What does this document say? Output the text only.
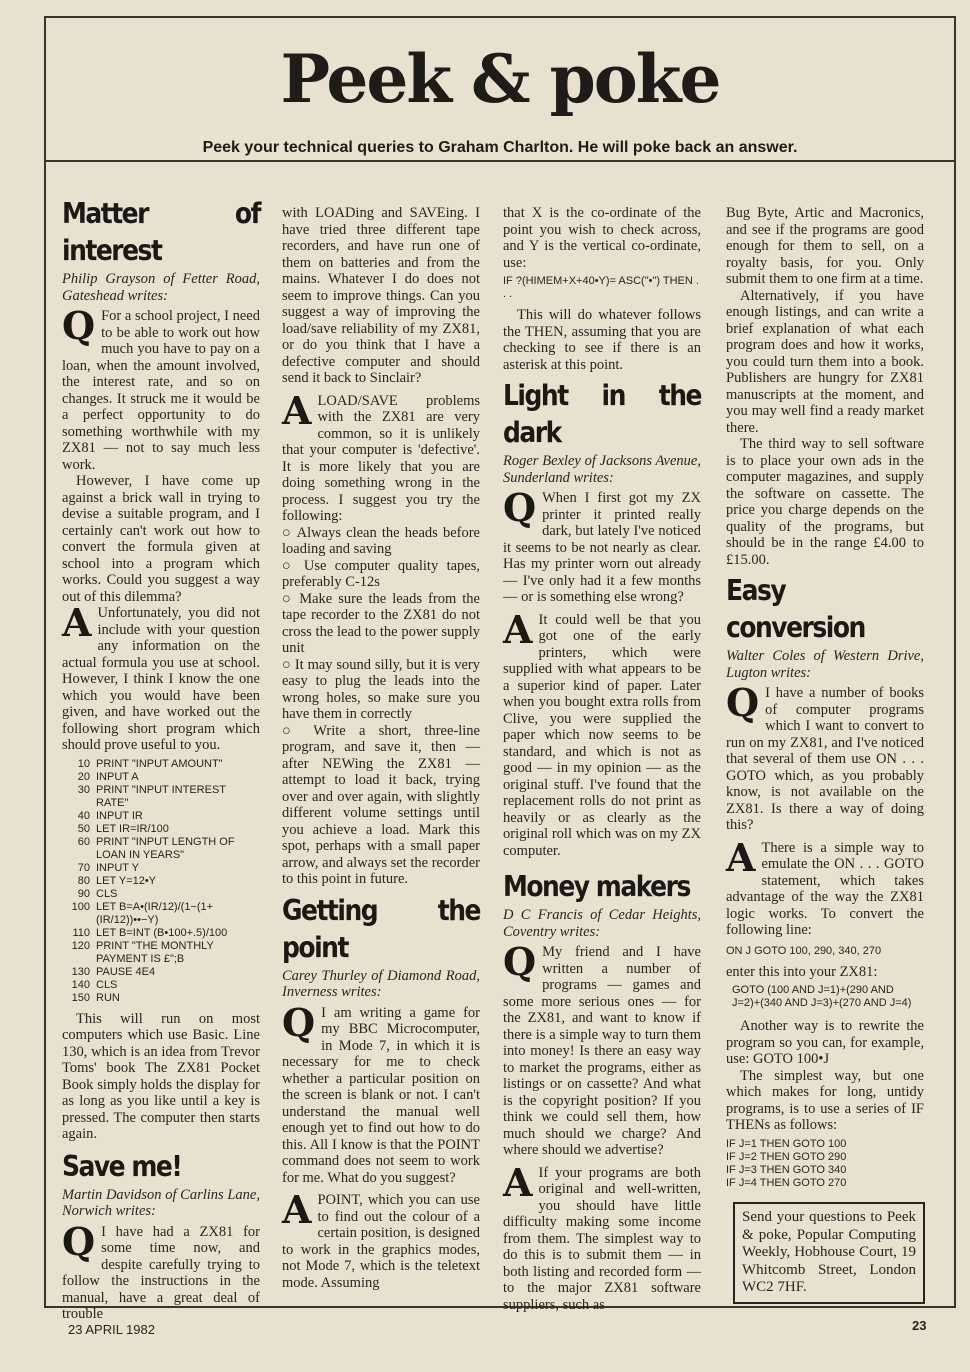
Peek & poke
Peek your technical queries to Graham Charlton. He will poke back an answer.
Matter of interest

Philip Grayson of Fetter Road, Gateshead writes:

Q For a school project, I need to be able to work out how much you have to pay on a loan, when the amount involved, the interest rate, and so on changes. It struck me it would be a perfect opportunity to do something worthwhile with my ZX81 — not to say much less work.

However, I have come up against a brick wall in trying to devise a suitable program, and I certainly can't work out how to convert the formula given at school into a program which works. Could you suggest a way out of this dilemma?

A Unfortunately, you did not include with your question any information on the actual formula you use at school. However, I think I know the one which you would have been given, and have worked out the following short program which should prove useful to you.

10 PRINT "INPUT AMOUNT"
20 INPUT A
30 PRINT "INPUT INTEREST RATE"
40 INPUT IR
50 LET IR=IR/100
60 PRINT "INPUT LENGTH OF LOAN IN YEARS"
70 INPUT Y
80 LET Y=12•Y
90 CLS
100 LET B=A•(IR/12)/(1−(1+(IR/12))••−Y)
110 LET B=INT (B•100+.5)/100
120 PRINT "THE MONTHLY PAYMENT IS £";B
130 PAUSE 4E4
140 CLS
150 RUN

This will run on most computers which use Basic. Line 130, which is an idea from Trevor Toms' book The ZX81 Pocket Book simply holds the display for as long as you like until a key is pressed. The computer then starts again.

Save me!

Martin Davidson of Carlins Lane, Norwich writes:

Q I have had a ZX81 for some time now, and despite carefully trying to follow the instructions in the manual, have a great deal of trouble

with LOADing and SAVEing. I have tried three different tape recorders, and have run one of them on batteries and from the mains. Whatever I do does not seem to improve things. Can you suggest a way of improving the load/save reliability of my ZX81, or do you think that I have a defective computer and should send it back to Sinclair?

ALOAD/SAVE problems with the ZX81 are very common, so it is unlikely that your computer is 'defective'. It is more likely that you are doing something wrong in the process. I suggest you try the following:

○ Always clean the heads before loading and saving

○ Use computer quality tapes, preferably C-12s

○ Make sure the leads from the tape recorder to the ZX81 do not cross the lead to the power supply unit

○ It may sound silly, but it is very easy to plug the leads into the wrong holes, so make sure you have them in correctly

○ Write a short, three-line program, and save it, then — after NEWing the ZX81 — attempt to load it back, trying over and over again, with slightly different volume settings until you achieve a load. Mark this spot, perhaps with a small paper arrow, and always set the recorder to this point in future.

Getting the point

Carey Thurley of Diamond Road, Inverness writes:

Q I am writing a game for my BBC Microcomputer, in Mode 7, in which it is necessary for me to check whether a particular position on the screen is blank or not. I can't understand the manual well enough yet to find out how to do this. All I know is that the POINT command does not seem to work for me. What do you suggest?

APOINT, which you can use to find out the colour of a certain position, is designed to work in the graphics modes, not Mode 7, which is the teletext mode. Assuming

that X is the co-ordinate of the point you wish to check across, and Y is the vertical co-ordinate, use:

IF ?(HIMEM+X+40•Y)= ASC("•") THEN . . .

This will do whatever follows the THEN, assuming that you are checking to see if there is an asterisk at this point.

Light in the dark

Roger Bexley of Jacksons Avenue, Sunderland writes:

Q When I first got my ZX printer it printed really dark, but lately I've noticed it seems to be not nearly as clear. Has my printer worn out already — I've only had it a few months — or is something else wrong?

A It could well be that you got one of the early printers, which were supplied with what appears to be a superior kind of paper. Later when you bought extra rolls from Clive, you were supplied the paper which now seems to be standard, and which is not as good — in my opinion — as the original stuff. I've found that the replacement rolls do not print as heavily or as clearly as the original roll which was on my ZX computer.

Money makers

D C Francis of Cedar Heights, Coventry writes:

Q My friend and I have written a number of programs — games and some more serious ones — for the ZX81, and want to know if there is a simple way to turn them into money! Is there an easy way to market the programs, either as listings or on cassette? And what is the copyright position? If you think we could sell them, how much should we charge? And where should we advertise?

A If your programs are both original and well-written, you should have little difficulty making some income from them. The simplest way to do this is to submit them — in both listing and recorded form — to the major ZX81 software suppliers, such as

Bug Byte, Artic and Macronics, and see if the programs are good enough for them to sell, on a royalty basis, for you. Only submit them to one firm at a time.

Alternatively, if you have enough listings, and can write a brief explanation of what each program does and how it works, you could turn them into a book. Publishers are hungry for ZX81 manuscripts at the moment, and you may well find a ready market there.

The third way to sell software is to place your own ads in the computer magazines, and supply the software on cassette. The price you charge depends on the quality of the programs, but should be in the range £4.00 to £15.00.

Easy conversion

Walter Coles of Western Drive, Lugton writes:

Q I have a number of books of computer programs which I want to convert to run on my ZX81, and I've noticed that several of them use ON . . . GOTO which, as you probably know, is not available on the ZX81. Is there a way of doing this?

A There is a simple way to emulate the ON . . . GOTO statement, which takes advantage of the way the ZX81 logic works. To convert the following line:

ON J GOTO 100, 290, 340, 270

enter this into your ZX81:

GOTO (100 AND J=1)+(290 AND J=2)+(340 AND J=3)+(270 AND J=4)

Another way is to rewrite the program so you can, for example, use: GOTO 100•J

The simplest way, but one which makes for long, untidy programs, is to use a series of IF THENs as follows:

IF J=1 THEN GOTO 100
IF J=2 THEN GOTO 290
IF J=3 THEN GOTO 340
IF J=4 THEN GOTO 270
Send your questions to Peek & poke, Popular Computing Weekly, Hobhouse Court, 19 Whitcomb Street, London WC2 7HF.
23 APRIL 1982	23
